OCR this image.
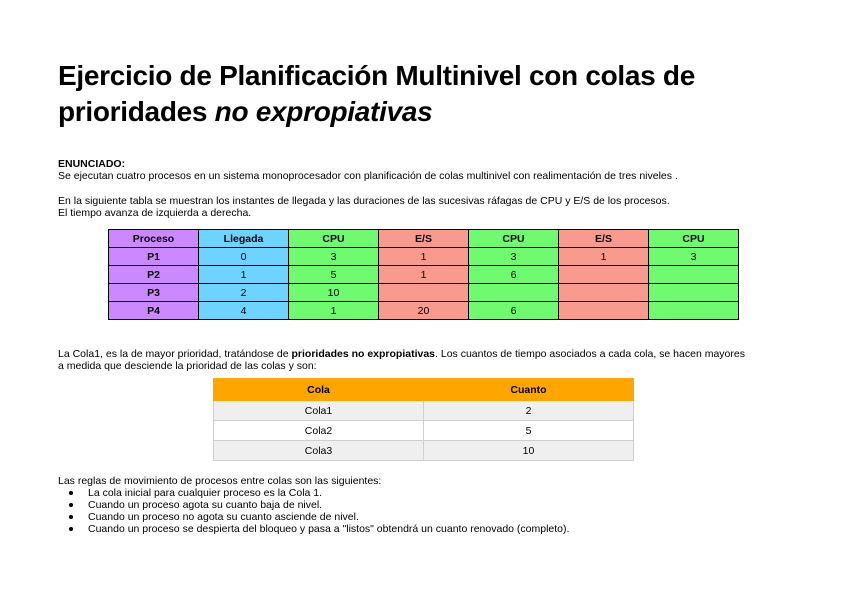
Ejercicio de Planificación Multinivel con colas de
prioridades no expropiativas
ENUNCIADO:
Se ejecutan cuatro procesos en un sistema monoprocesador con planificación de colas multinivel con realimentación de tres niveles .
En la siguiente tabla se muestran los instantes de llegada y las duraciones de las sucesivas ráfagas de CPU y E/S de los procesos.
El tiempo avanza de izquierda a derecha.
Proceso	Llegada	CPU	E/S	CPU	E/S	CPU
P1	0	3	1	3	1	3
P2	1	5	1	6		
P3	2	10				
P4	4	1	20	6		
La Cola1, es la de mayor prioridad, tratándose de prioridades no expropiativas. Los cuantos de tiempo asociados a cada cola, se hacen mayores
a medida que desciende la prioridad de las colas y son:
Cola	Cuanto
Cola1	2
Cola2	5
Cola3	10
Las reglas de movimiento de procesos entre colas son las siguientes:
La cola inicial para cualquier proceso es la Cola 1.
Cuando un proceso agota su cuanto baja de nivel.
Cuando un proceso no agota su cuanto asciende de nivel.
Cuando un proceso se despierta del bloqueo y pasa a "listos" obtendrá un cuanto renovado (completo).
